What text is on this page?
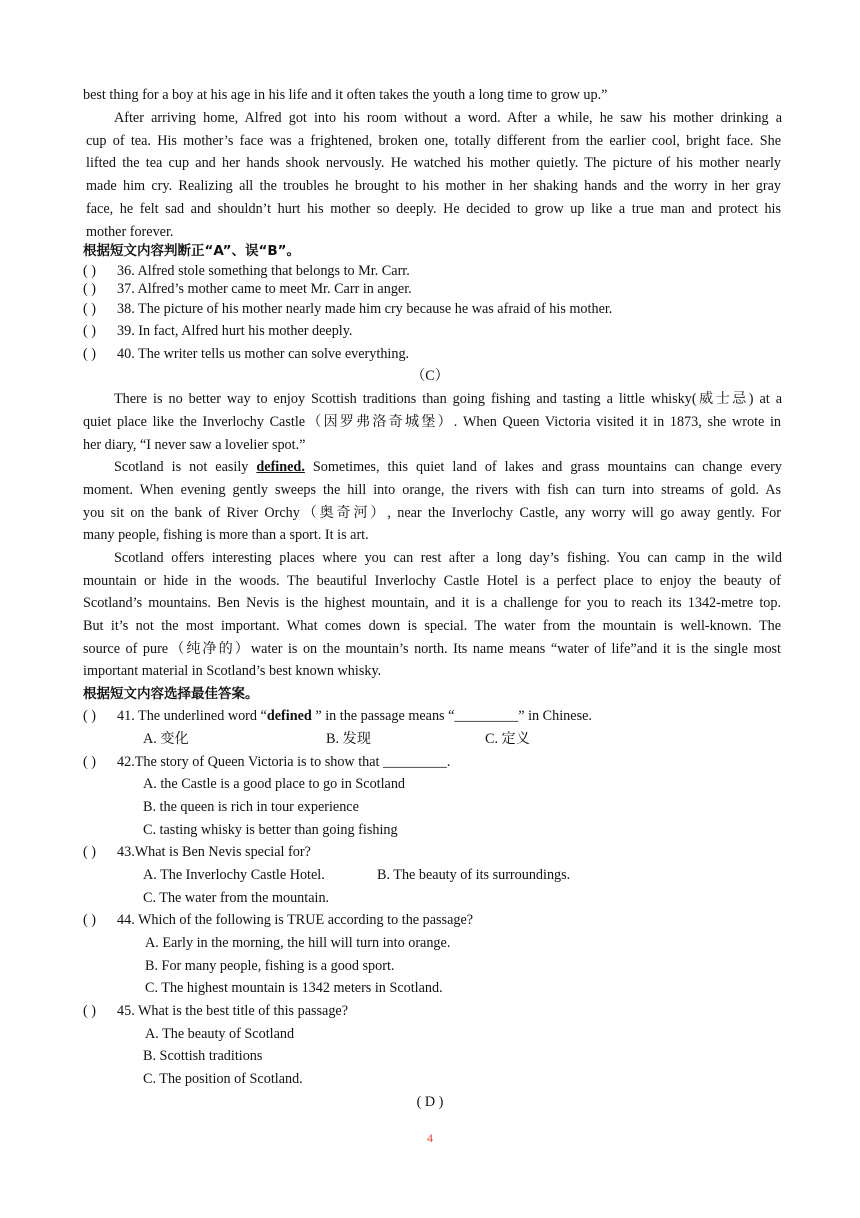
best thing for a boy at his age in his life and it often takes the youth a long time to grow up.”
After arriving home, Alfred got into his room without a word. After a while, he saw his mother drinking a
cup of tea. His mother’s face was a frightened, broken one, totally different from the earlier cool, bright face. She
lifted the tea cup and her hands shook nervously. He watched his mother quietly. The picture of his mother nearly
made him cry. Realizing all the troubles he brought to his mother in her shaking hands and the worry in her gray
face, he felt sad and shouldn’t hurt his mother so deeply. He decided to grow up like a true man and protect his
mother forever.
根据短文内容判断正“A”、误“B”。
( ) 36. Alfred stole something that belongs to Mr. Carr.
( ) 37. Alfred’s mother came to meet Mr. Carr in anger.
( ) 38. The picture of his mother nearly made him cry because he was afraid of his mother.
( ) 39. In fact, Alfred hurt his mother deeply.
( ) 40. The writer tells us mother can solve everything.
（C）
There is no better way to enjoy Scottish traditions than going fishing and tasting a little whisky(威士忌) at a
quiet place like the Inverlochy Castle（因罗弗洛奇城堡）. When Queen Victoria visited it in 1873, she wrote in
her diary, “I never saw a lovelier spot.”
Scotland is not easily defined. Sometimes, this quiet land of lakes and grass mountains can change every
moment. When evening gently sweeps the hill into orange, the rivers with fish can turn into streams of gold. As
you sit on the bank of River Orchy（奥奇河）, near the Inverlochy Castle, any worry will go away gently. For
many people, fishing is more than a sport. It is art.
Scotland offers interesting places where you can rest after a long day’s fishing. You can camp in the wild
mountain or hide in the woods. The beautiful Inverlochy Castle Hotel is a perfect place to enjoy the beauty of
Scotland’s mountains. Ben Nevis is the highest mountain, and it is a challenge for you to reach its 1342-metre top.
But it’s not the most important. What comes down is special. The water from the mountain is well-known. The
source of pure（纯净的）water is on the mountain’s north. Its name means “water of life”and it is the single most
important material in Scotland’s best known whisky.
根据短文内容选择最佳答案。
( ) 41. The underlined word “defined ” in the passage means “_________” in Chinese.
A. 变化	B. 发现	C. 定义
( ) 42.The story of Queen Victoria is to show that _________.
A. the Castle is a good place to go in Scotland
B. the queen is rich in tour experience
C. tasting whisky is better than going fishing
( ) 43.What is Ben Nevis special for?
A. The Inverlochy Castle Hotel.	B. The beauty of its surroundings.
C. The water from the mountain.
( ) 44. Which of the following is TRUE according to the passage?
A. Early in the morning, the hill will turn into orange.
B. For many people, fishing is a good sport.
C. The highest mountain is 1342 meters in Scotland.
( ) 45. What is the best title of this passage?
A. The beauty of Scotland
B. Scottish traditions
C. The position of Scotland.
( D )
4
